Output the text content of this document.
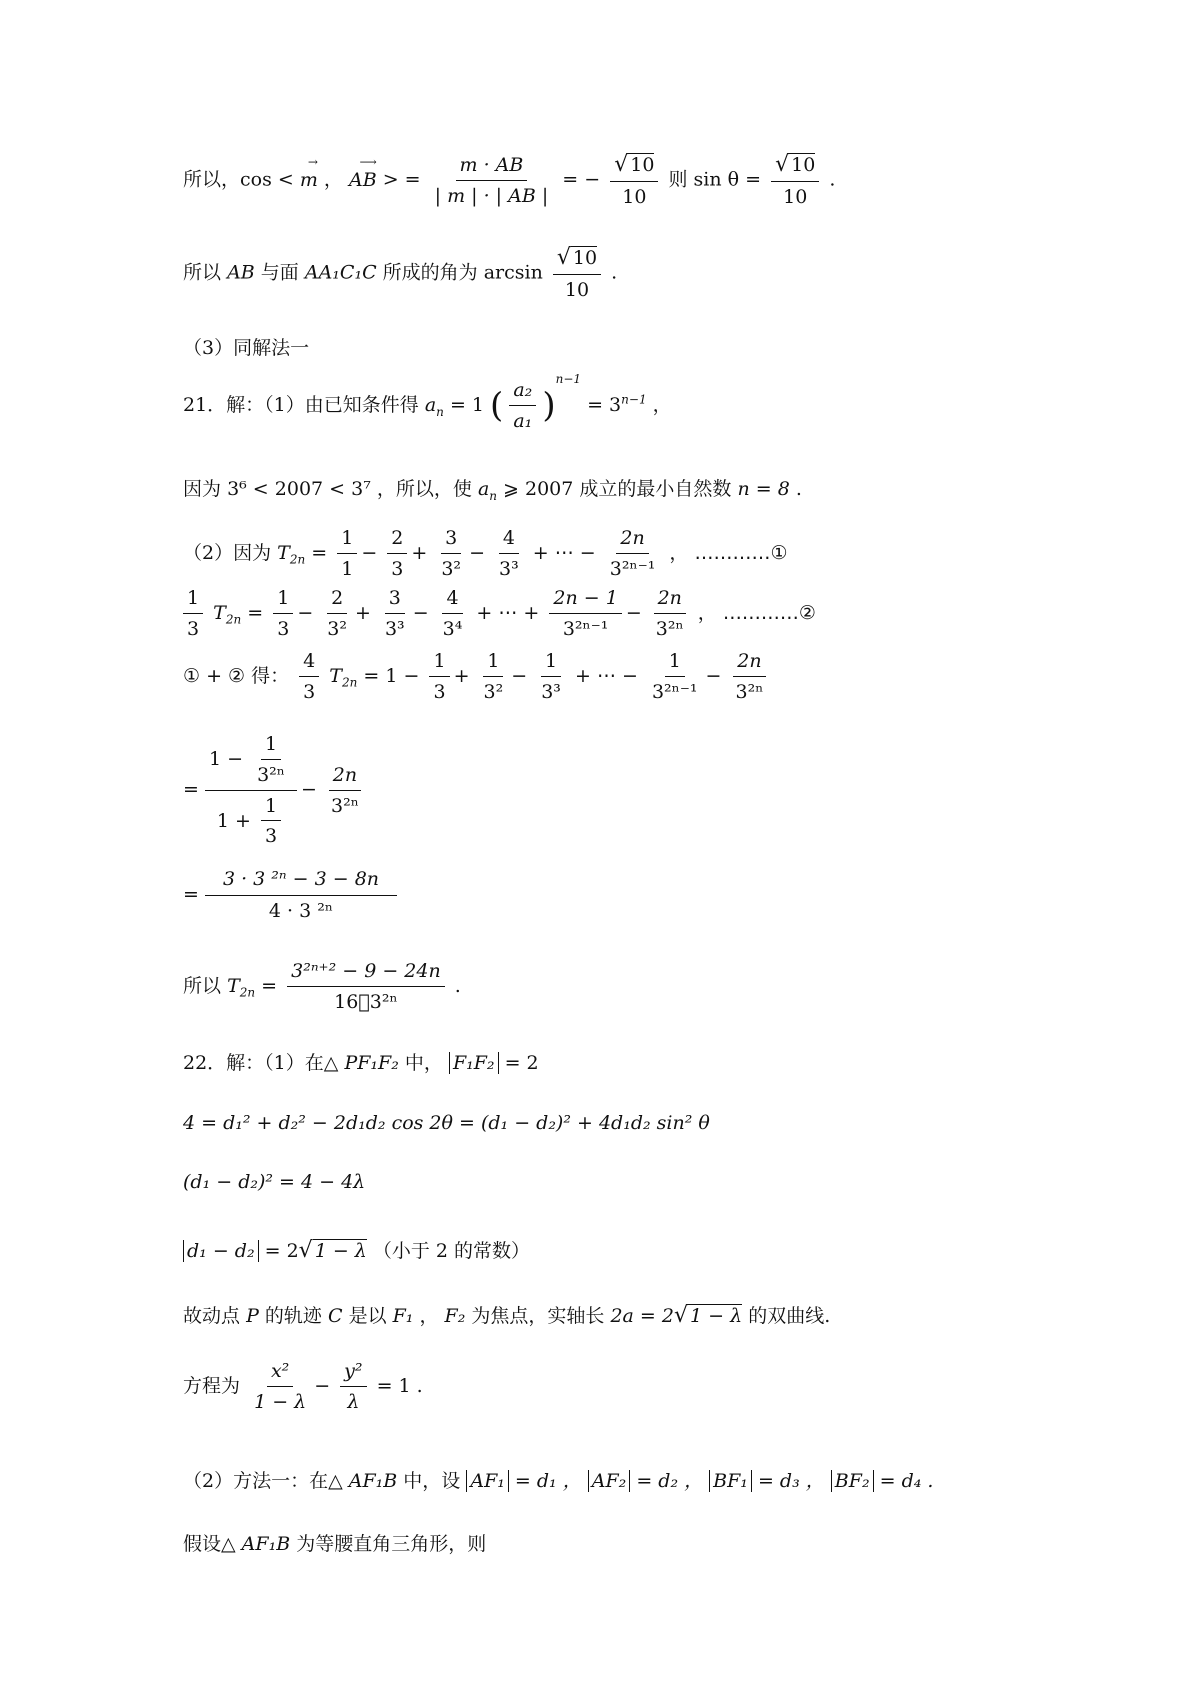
所以，cos <
→
m ，
⟶
AB > = $\frac{m \cdot AB}{| m | \cdot | AB |}$ = − $\frac{√ 10}{10}$ 则 $\sin \theta = \frac{√ 10}{10}$ .
所以 AB 与面 AA₁C₁C 所成的角为 $\arcsin \frac{√ 10}{10}$ .
（3）同解法一
21．解：（1）由已知条件得 $a_n = 1$ ( $\frac{\text{a₂}}{\text{a₁}} )^{n-1} = 3^{n-1}$ ，
因为 3⁶ < 2007 < 3⁷ ，所以，使 $a_n$ ⩾ 2007 成立的最小自然数 n = 8 .
（2）因为 $T_{2n} = \frac{1}{1} - \frac{2}{3} + \frac{3}{\text{3²}} - \frac{4}{\text{3³}}$ + ⋯ − $\frac{2n}{\text{3²ⁿ⁻¹}}$ ， …………①
$\frac{1}{3} T_{2n} = \frac{1}{3} - \frac{2}{\text{3²}} + \frac{3}{\text{3³}} - \frac{4}{\text{3⁴}}$ + ⋯ + $\frac{2n - 1}{\text{3²ⁿ⁻¹}} - \frac{2n}{\text{3²ⁿ}}$ ， …………②
① + ② 得： $\frac{4}{3} T_{2n} = 1 - \frac{1}{3} + \frac{1}{\text{3²}} - \frac{1}{\text{3³}}$ + ⋯ − $\frac{1}{\text{3²ⁿ⁻¹}} - \frac{2n}{\text{3²ⁿ}}$
= $\frac{1 - \frac{1}{\text{3²ⁿ}}}{1 + \frac{1}{3}} - \frac{2n}{\text{3²ⁿ}}$
= $\frac{\text{3 · 3 ²ⁿ − 3 − 8n}}{\text{4 · 3 ²ⁿ}}$
所以 $T_{2n} = \frac{\text{3²ⁿ⁺² − 9 − 24n}}{\text{16⃞3²ⁿ}}$ .
22．解：（1）在△ PF₁F₂ 中， F₁F₂ = 2
4 = d₁² + d₂² − 2d₁d₂ cos 2θ = (d₁ − d₂)² + 4d₁d₂ sin² θ
(d₁ − d₂)² = 4 − 4λ
d₁ − d₂ = 2√ 1 − λ （小于 2 的常数）
故动点 P 的轨迹 C 是以 F₁ ， F₂ 为焦点，实轴长 2a = 2√ 1 − λ 的双曲线.
方程为 $\frac{\text{x²}}{1 - \lambda} - \frac{\text{y²}}{\lambda} = 1$ .
（2）方法一：在△ AF₁B 中，设 AF₁ = d₁ ， AF₂ = d₂ ， BF₁ = d₃ ， BF₂ = d₄ .
假设△ AF₁B 为等腰直角三角形，则
